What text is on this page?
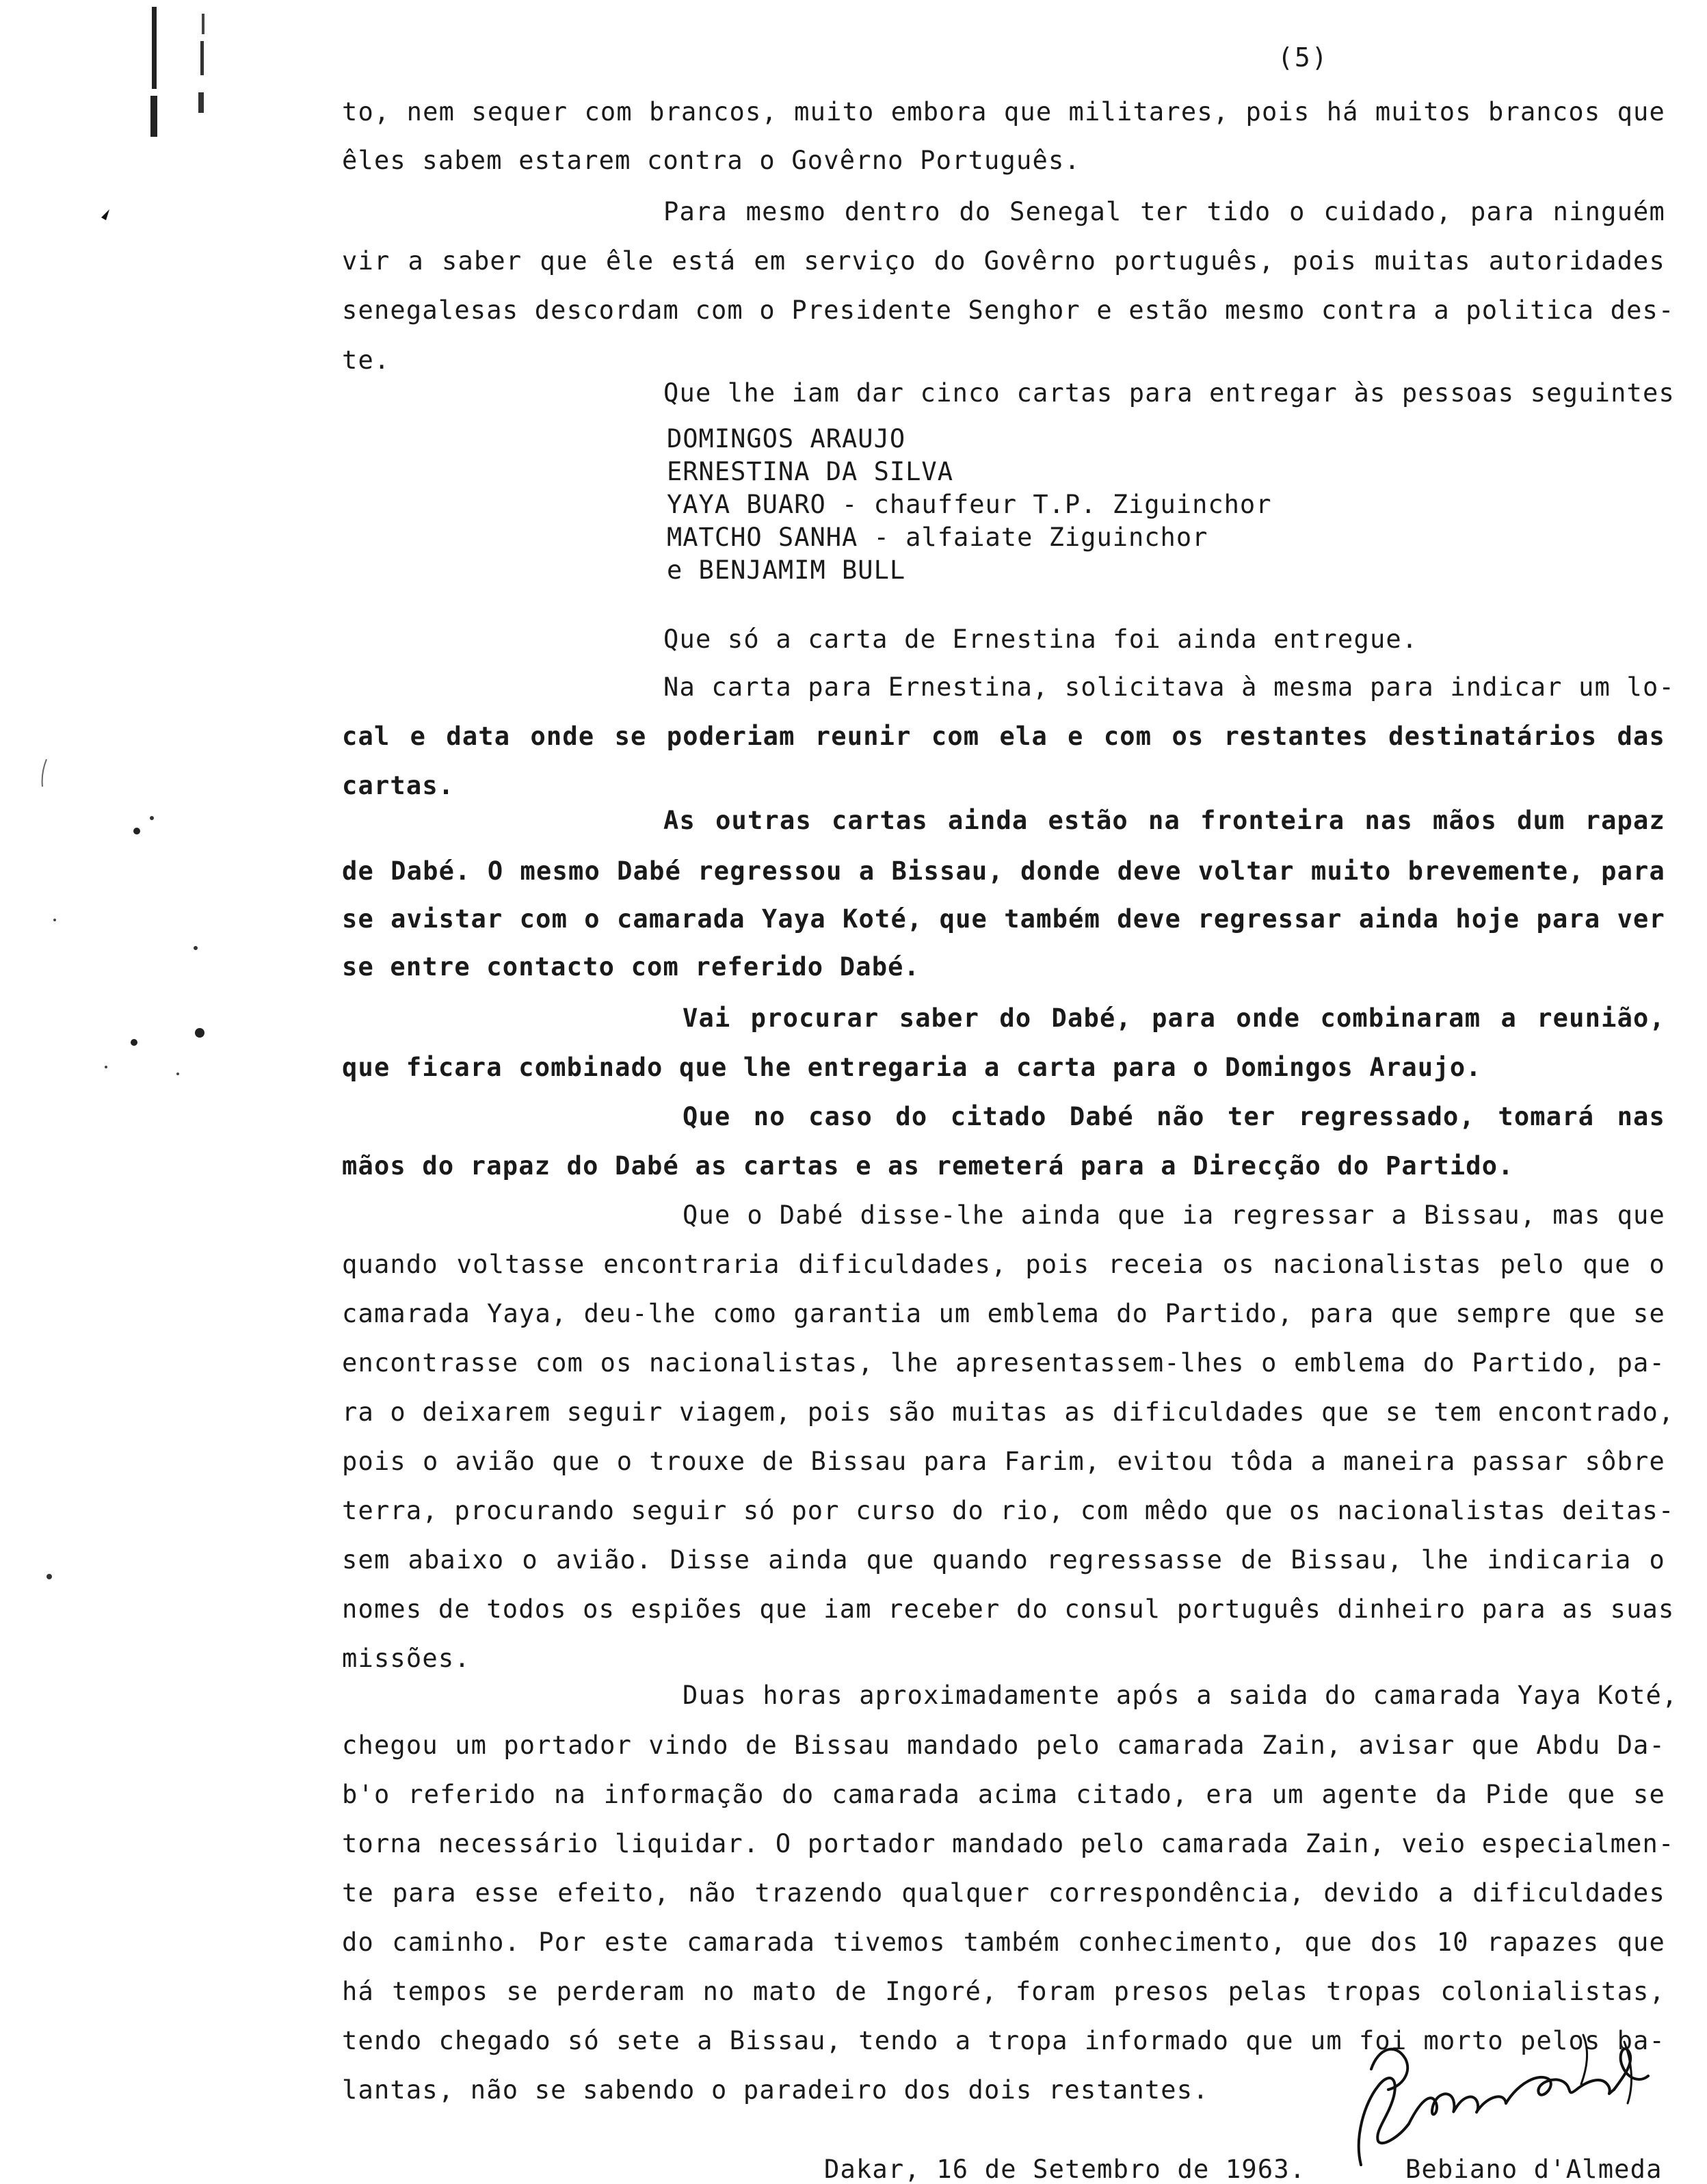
(5)
to, nem sequer com brancos, muito embora que militares, pois há muitos brancos que
êles sabem estarem contra o Govêrno Português.
Para mesmo dentro do Senegal ter tido o cuidado, para ninguém
vir a saber que êle está em serviço do Govêrno português, pois muitas autoridades
senegalesas descordam com o Presidente Senghor e estão mesmo contra a politica des-
te.
Que lhe iam dar cinco cartas para entregar às pessoas seguintes
DOMINGOS ARAUJO
ERNESTINA DA SILVA
YAYA BUARO - chauffeur T.P. Ziguinchor
MATCHO SANHA - alfaiate Ziguinchor
e BENJAMIM BULL
Que só a carta de Ernestina foi ainda entregue.
Na carta para Ernestina, solicitava à mesma para indicar um lo-
cal e data onde se poderiam reunir com ela e com os restantes destinatários das
cartas.
As outras cartas ainda estão na fronteira nas mãos dum rapaz
de Dabé. O mesmo Dabé regressou a Bissau, donde deve voltar muito brevemente, para
se avistar com o camarada Yaya Koté, que também deve regressar ainda hoje para ver
se entre contacto com referido Dabé.
Vai procurar saber do Dabé, para onde combinaram a reunião,
que ficara combinado que lhe entregaria a carta para o Domingos Araujo.
Que no caso do citado Dabé não ter regressado, tomará nas
mãos do rapaz do Dabé as cartas e as remeterá para a Direcção do Partido.
Que o Dabé disse-lhe ainda que ia regressar a Bissau, mas que
quando voltasse encontraria dificuldades, pois receia os nacionalistas pelo que o
camarada Yaya, deu-lhe como garantia um emblema do Partido, para que sempre que se
encontrasse com os nacionalistas, lhe apresentassem-lhes o emblema do Partido, pa-
ra o deixarem seguir viagem, pois são muitas as dificuldades que se tem encontrado,
pois o avião que o trouxe de Bissau para Farim, evitou tôda a maneira passar sôbre
terra, procurando seguir só por curso do rio, com mêdo que os nacionalistas deitas-
sem abaixo o avião. Disse ainda que quando regressasse de Bissau, lhe indicaria o
nomes de todos os espiões que iam receber do consul português dinheiro para as suas
missões.
Duas horas aproximadamente após a saida do camarada Yaya Koté,
chegou um portador vindo de Bissau mandado pelo camarada Zain, avisar que Abdu Da-
b'o referido na informação do camarada acima citado, era um agente da Pide que se
torna necessário liquidar. O portador mandado pelo camarada Zain, veio especialmen-
te para esse efeito, não trazendo qualquer correspondência, devido a dificuldades
do caminho. Por este camarada tivemos também conhecimento, que dos 10 rapazes que
há tempos se perderam no mato de Ingoré, foram presos pelas tropas colonialistas,
tendo chegado só sete a Bissau, tendo a tropa informado que um foi morto pelos ba-
lantas, não se sabendo o paradeiro dos dois restantes.
Dakar, 16 de Setembro de 1963.	Bebiano d'Almeda
